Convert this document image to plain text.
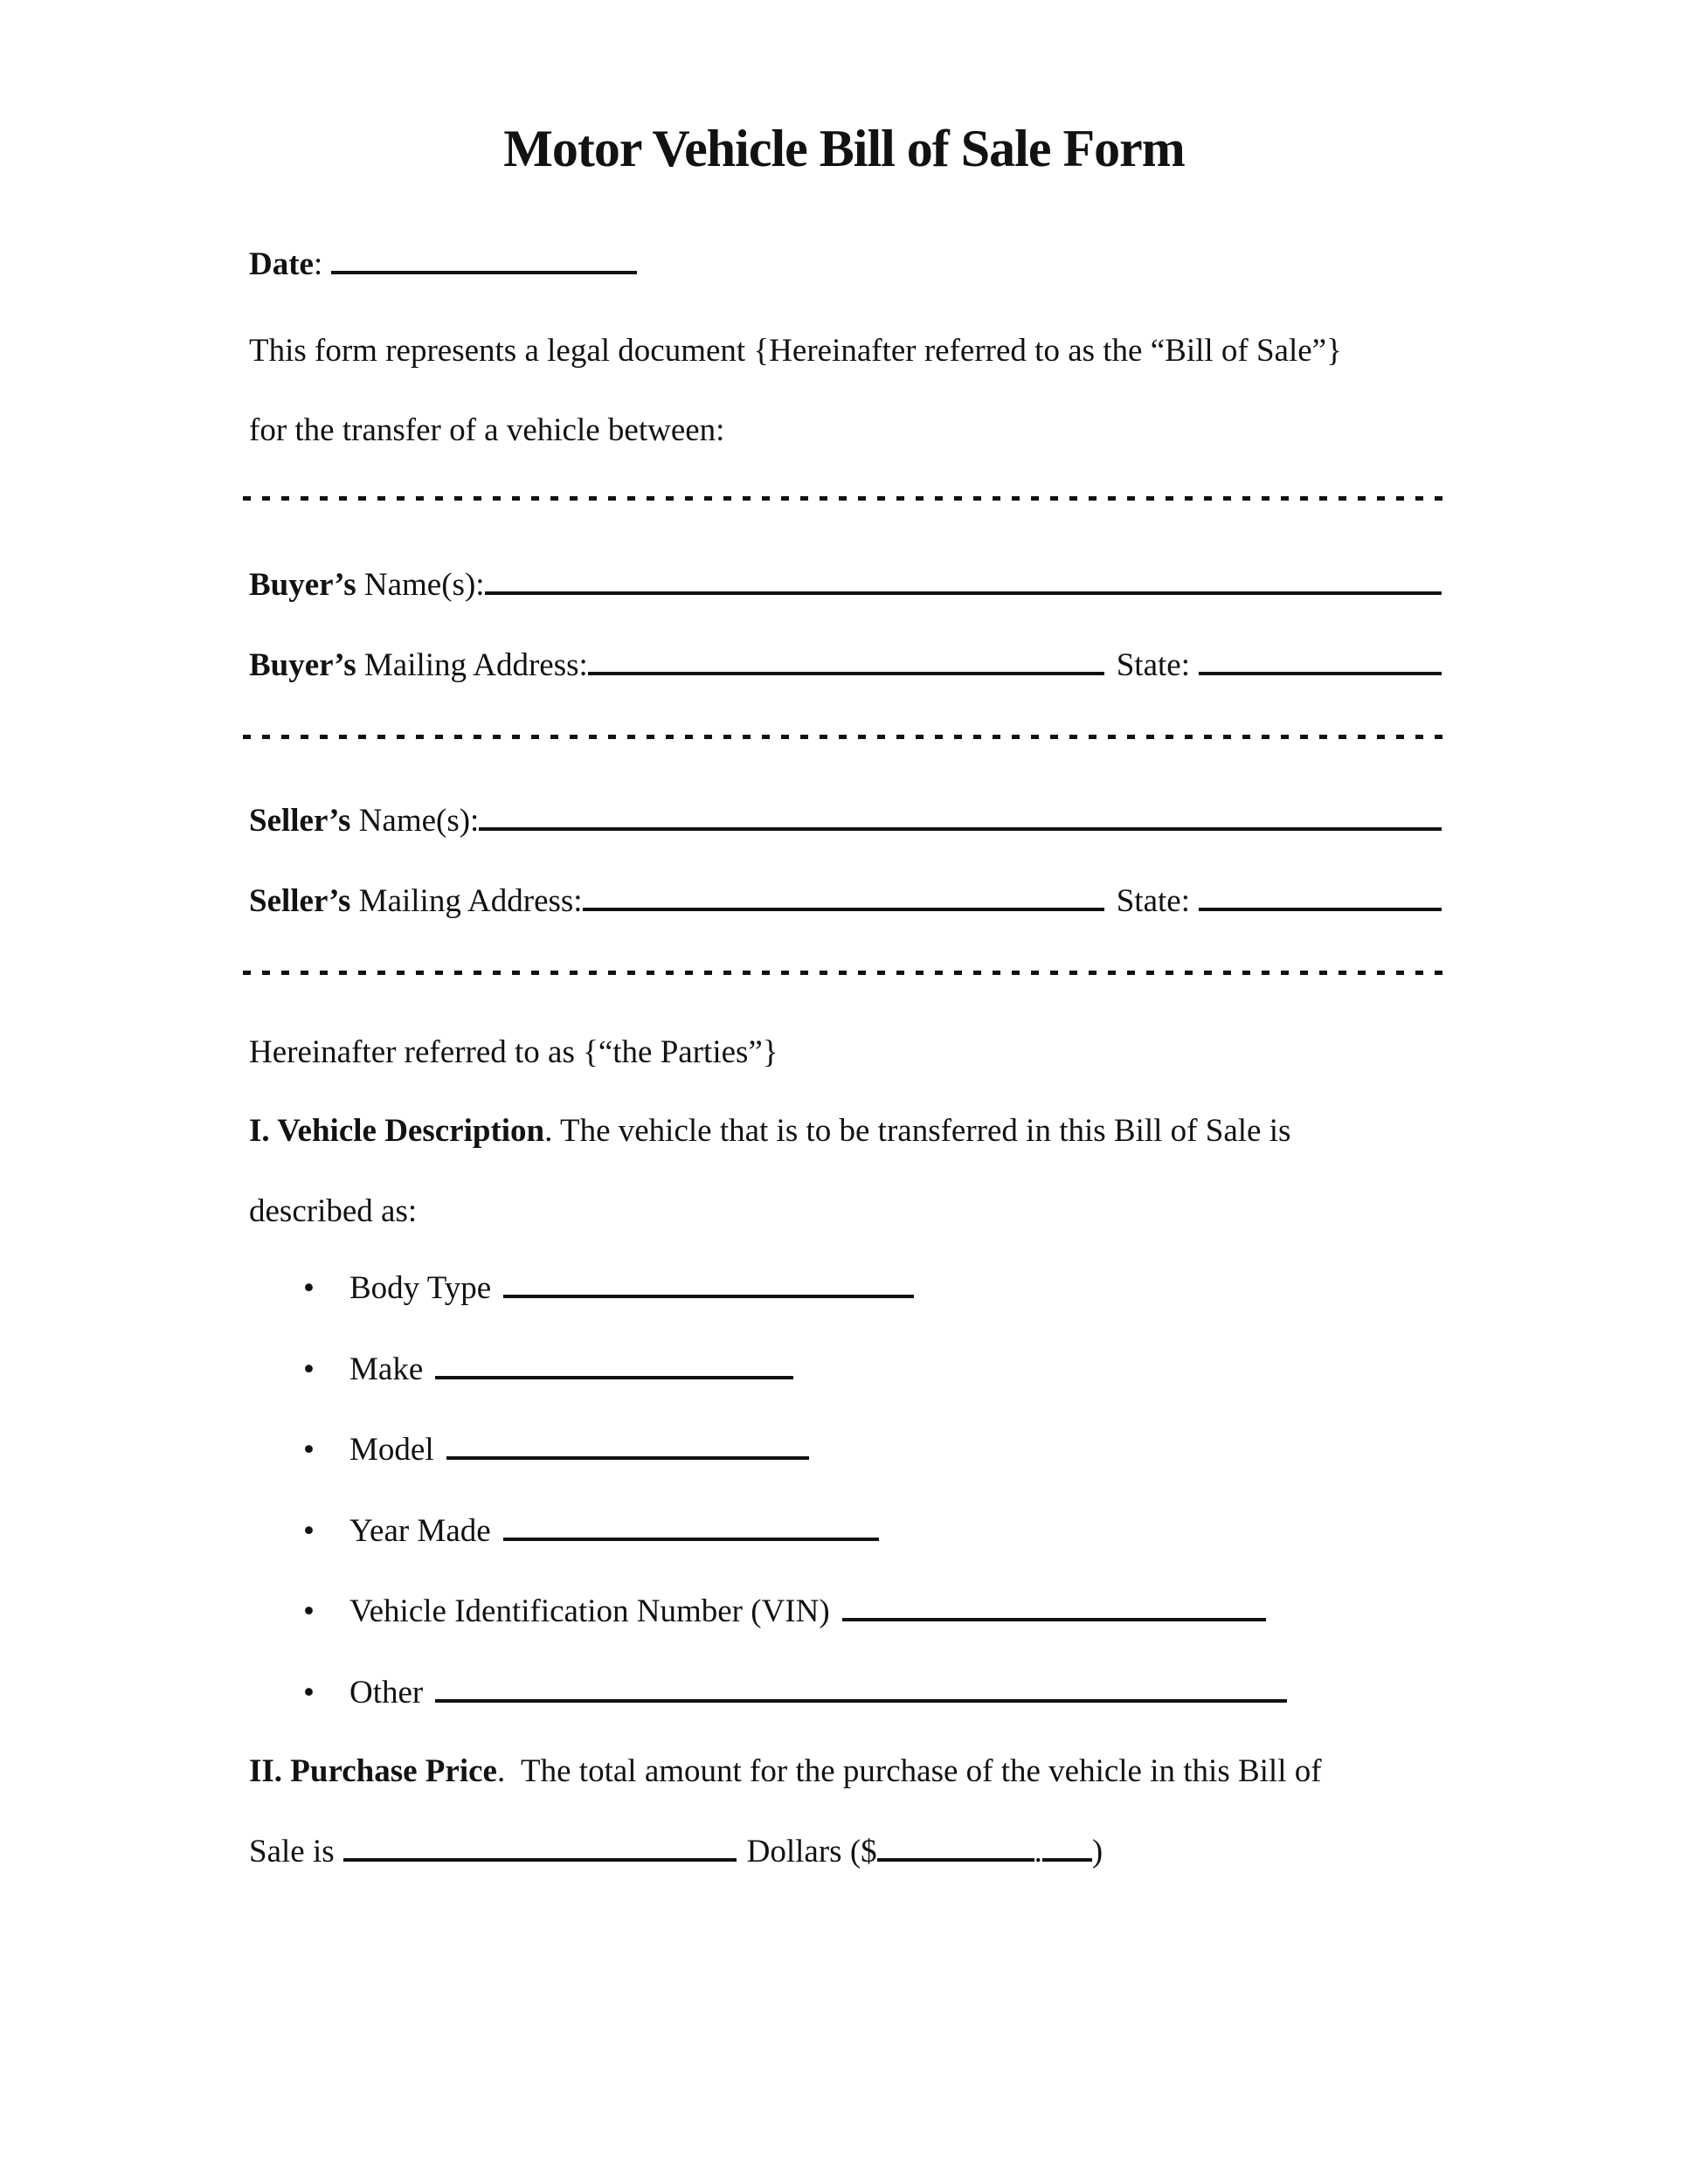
Motor Vehicle Bill of Sale Form
Date :
This form represents a legal document {Hereinafter referred to as the “Bill of Sale”}
for the transfer of a vehicle between:
Buyer’s Name(s):
Buyer’s Mailing Address:	State:
Seller’s Name(s):
Seller’s Mailing Address:	State:
Hereinafter referred to as {“the Parties”}
I. Vehicle Description . The vehicle that is to be transferred in this Bill of Sale is
described as:
•	Body Type
•	Make
•	Model
•	Year Made
•	Vehicle Identification Number (VIN)
•	Other
II. Purchase Price .  The total amount for the purchase of the vehicle in this Bill of
Sale is	Dollars ($	. )
